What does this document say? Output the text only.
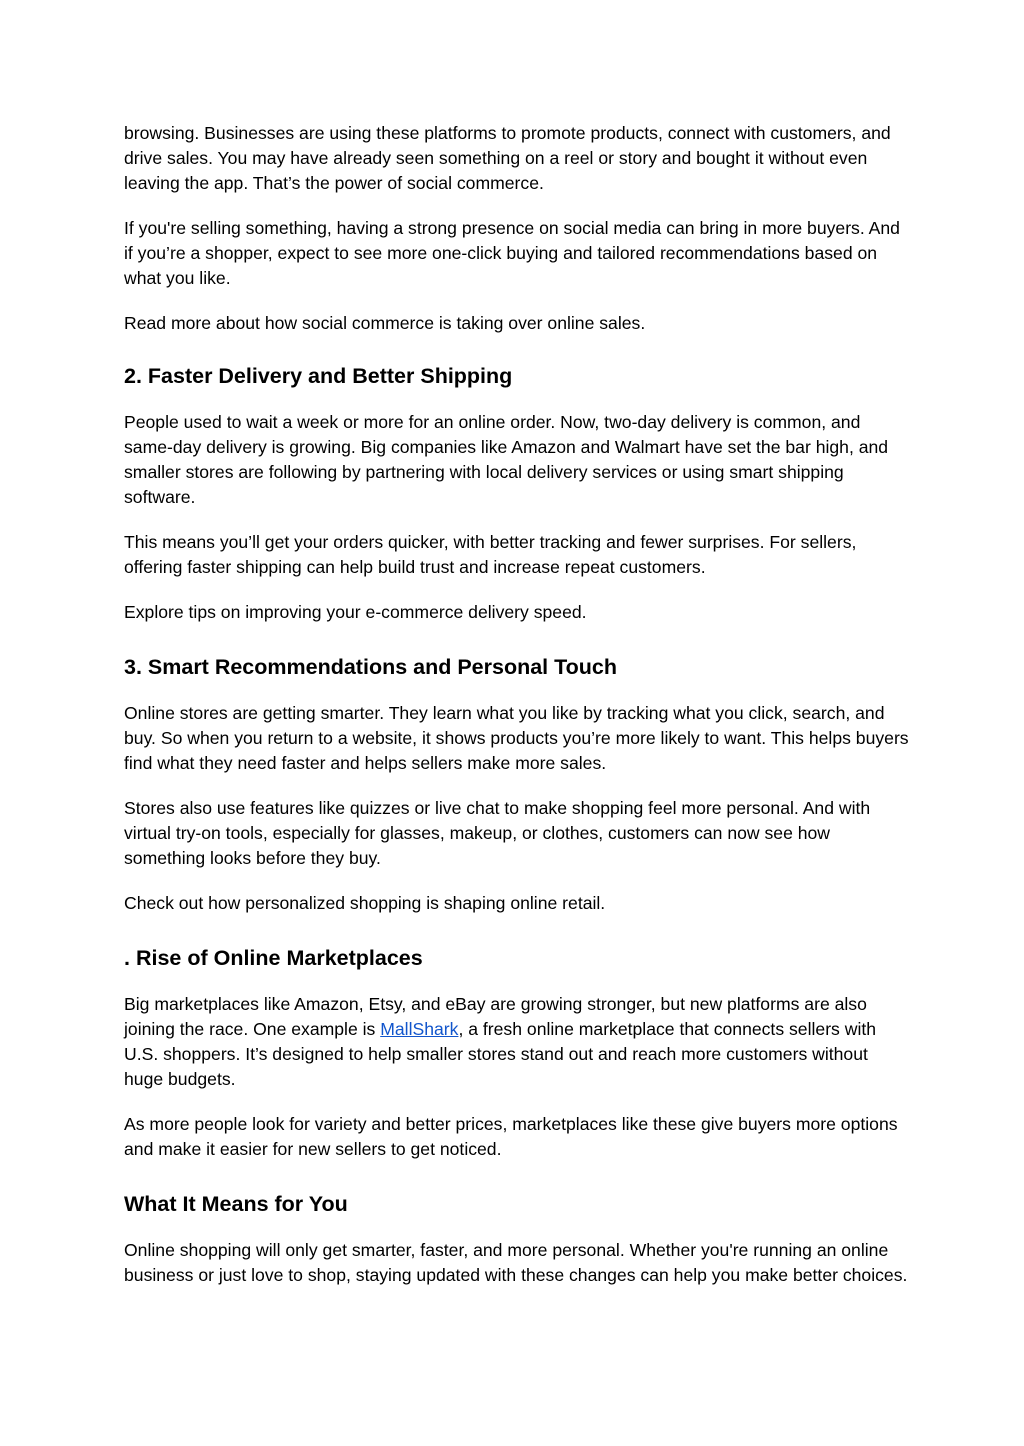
browsing. Businesses are using these platforms to promote products, connect with customers, and drive sales. You may have already seen something on a reel or story and bought it without even leaving the app. That’s the power of social commerce.

If you're selling something, having a strong presence on social media can bring in more buyers. And if you’re a shopper, expect to see more one-click buying and tailored recommendations based on what you like.

Read more about how social commerce is taking over online sales.

2. Faster Delivery and Better Shipping

People used to wait a week or more for an online order. Now, two-day delivery is common, and same-day delivery is growing. Big companies like Amazon and Walmart have set the bar high, and smaller stores are following by partnering with local delivery services or using smart shipping software.

This means you’ll get your orders quicker, with better tracking and fewer surprises. For sellers, offering faster shipping can help build trust and increase repeat customers.

Explore tips on improving your e-commerce delivery speed.

3. Smart Recommendations and Personal Touch

Online stores are getting smarter. They learn what you like by tracking what you click, search, and buy. So when you return to a website, it shows products you’re more likely to want. This helps buyers find what they need faster and helps sellers make more sales.

Stores also use features like quizzes or live chat to make shopping feel more personal. And with virtual try-on tools, especially for glasses, makeup, or clothes, customers can now see how something looks before they buy.

Check out how personalized shopping is shaping online retail.

. Rise of Online Marketplaces

Big marketplaces like Amazon, Etsy, and eBay are growing stronger, but new platforms are also joining the race. One example is MallShark, a fresh online marketplace that connects sellers with U.S. shoppers. It’s designed to help smaller stores stand out and reach more customers without huge budgets.

As more people look for variety and better prices, marketplaces like these give buyers more options and make it easier for new sellers to get noticed.

What It Means for You

Online shopping will only get smarter, faster, and more personal. Whether you're running an online business or just love to shop, staying updated with these changes can help you make better choices.
